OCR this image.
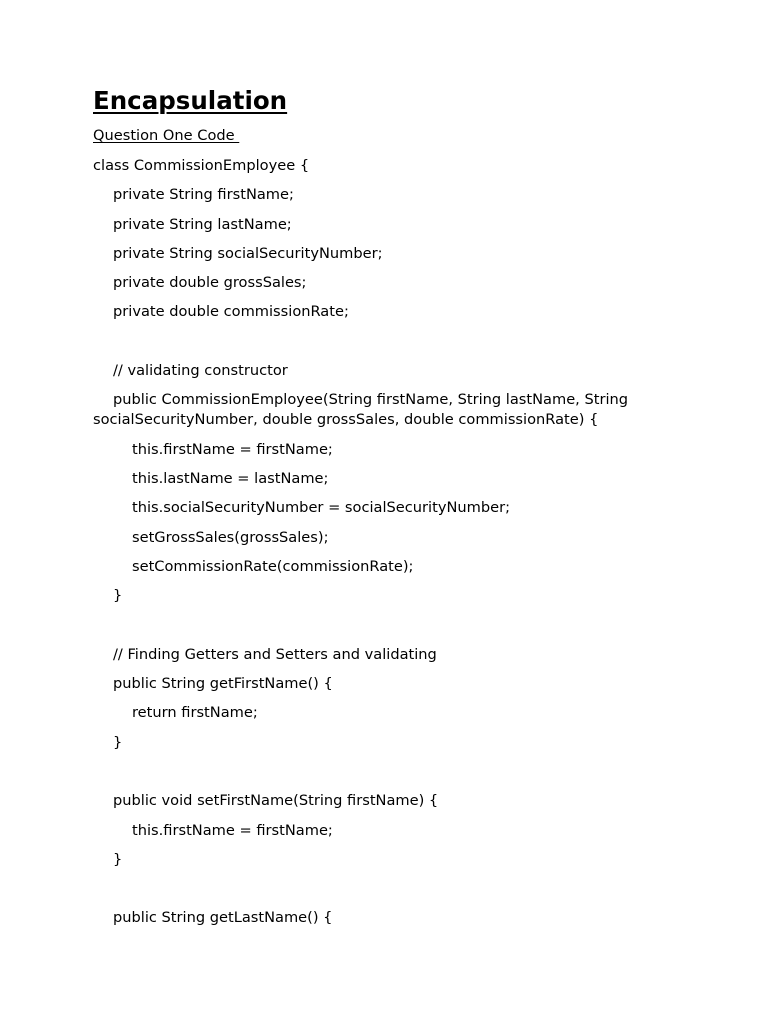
Encapsulation
Question One Code
class CommissionEmployee {
private String firstName;
private String lastName;
private String socialSecurityNumber;
private double grossSales;
private double commissionRate;
// validating constructor
public CommissionEmployee(String firstName, String lastName, String
socialSecurityNumber, double grossSales, double commissionRate) {
this.firstName = firstName;
this.lastName = lastName;
this.socialSecurityNumber = socialSecurityNumber;
setGrossSales(grossSales);
setCommissionRate(commissionRate);
}
// Finding Getters and Setters and validating
public String getFirstName() {
return firstName;
}
public void setFirstName(String firstName) {
this.firstName = firstName;
}
public String getLastName() {
